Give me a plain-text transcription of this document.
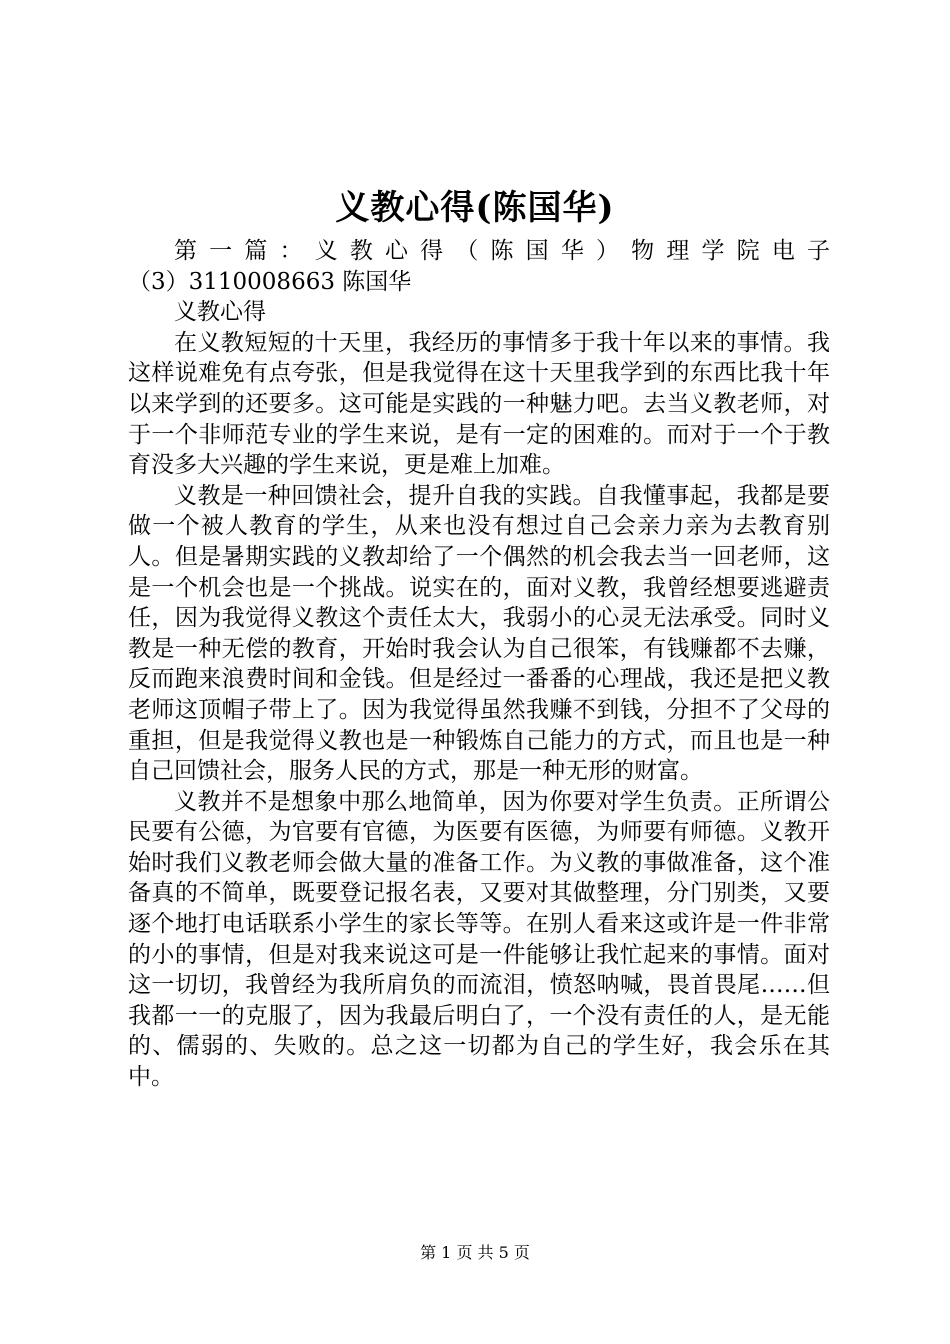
义教心得(陈国华)

第一篇：义教心得（陈国华）物理学院电子

（3）3110008663 陈国华

义教心得

在义教短短的十天里，我经历的事情多于我十年以来的事情。我这样说难免有点夸张，但是我觉得在这十天里我学到的东西比我十年以来学到的还要多。这可能是实践的一种魅力吧。去当义教老师，对于一个非师范专业的学生来说，是有一定的困难的。而对于一个于教育没多大兴趣的学生来说，更是难上加难。

义教是一种回馈社会，提升自我的实践。自我懂事起，我都是要做一个被人教育的学生，从来也没有想过自己会亲力亲为去教育别人。但是暑期实践的义教却给了一个偶然的机会我去当一回老师，这是一个机会也是一个挑战。说实在的，面对义教，我曾经想要逃避责任，因为我觉得义教这个责任太大，我弱小的心灵无法承受。同时义教是一种无偿的教育，开始时我会认为自己很笨，有钱赚都不去赚，反而跑来浪费时间和金钱。但是经过一番番的心理战，我还是把义教老师这顶帽子带上了。因为我觉得虽然我赚不到钱，分担不了父母的重担，但是我觉得义教也是一种锻炼自己能力的方式，而且也是一种自己回馈社会，服务人民的方式，那是一种无形的财富。

义教并不是想象中那么地简单，因为你要对学生负责。正所谓公民要有公德，为官要有官德，为医要有医德，为师要有师德。义教开始时我们义教老师会做大量的准备工作。为义教的事做准备，这个准备真的不简单，既要登记报名表，又要对其做整理，分门别类，又要逐个地打电话联系小学生的家长等等。在别人看来这或许是一件非常的小的事情，但是对我来说这可是一件能够让我忙起来的事情。面对这一切切，我曾经为我所肩负的而流泪，愤怒呐喊，畏首畏尾……但我都一一的克服了，因为我最后明白了，一个没有责任的人，是无能的、儒弱的、失败的。总之这一切都为自己的学生好，我会乐在其中。

第 1 页 共 5 页
